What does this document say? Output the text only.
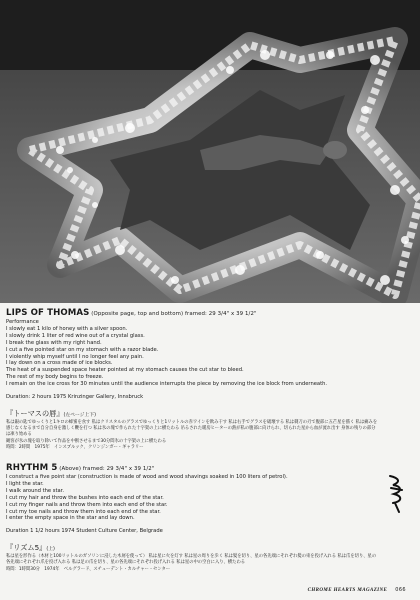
LIPS OF THOMAS (Opposite page, top and bottom) framed: 29 3/4" x 39 1/2"
Performance
I slowly eat 1 kilo of honey with a silver spoon.
I slowly drink 1 liter of red wine out of a crystal glass.
I break the glass with my right hand.
I cut a five pointed star on my stomach with a razor blade.
I violently whip myself until I no longer feel any pain.
I lay down on a cross made of ice blocks.
The heat of a suspended space heater pointed at my stomach causes the cut star to bleed.
The rest of my body begins to freeze.
I remain on the ice cross for 30 minutes until the audience interrupts the piece by removing the ice block from underneath.
Duration: 2 hours 1975 Krinzinger Gallery, Innsbruck
『トーマスの唇』(左ページ上下)
私は銀の匙でゆっくりと1キロの蜂蜜を食す 私はクリスタルのグラスでゆっくりと1リットルの赤ワインを飲み干す 私は右手でグラスを破壊する 私は剃刀の刃で腹部に五芒星を描く 私は痛みを
感じなくなるまで自分自身を激しく鞭を打つ 私は氷の塊で作られた十字架の上に横たわる 吊るされた暖房ヒーターの熱が私の腹部に向けられ、切られた星から血が流れ出す 身体の残りの部分は凍り始める
観客が氷の塊を取り除いて作品を中断させるまで30分間氷の十字架の上に横たわる
時間：2時間　1975年　インスブルック、クリンジンガー・ギャラリー
RHYTHM 5 (Above) framed: 29 3/4" x 39 1/2"
I construct a five point star (construction is made of wood and wood shavings soaked in 100 liters of petrol).
I light the star.
I walk around the star.
I cut my hair and throw the bushes into each end of the star.
I cut my finger nails and throw them into each end of the star.
I cut my toe nails and throw them into each end of the star.
I enter the empty space in the star and lay down.
Duration 1 1/2 hours 1974 Student Culture Center, Belgrade
『リズム5』(上)
私は星を形作る（木材と100リットルのガソリンに浸した木屑を使って） 私は星に火を灯す 私は星の周りを歩く 私は髪を切り、星の各先端にそれぞれ髪の束を投げ入れる 私は爪を切り、星の
各先端にそれぞれ爪を投げ入れる 私は足の爪を切り、星の各先端にそれぞれ投げ入れる 私は星の中の空白に入り、横たわる
時間：1時間30分　1974年　ベルグラード、スチューデント・カルチャー・センター
CHROME HEARTS MAGAZINE 066
